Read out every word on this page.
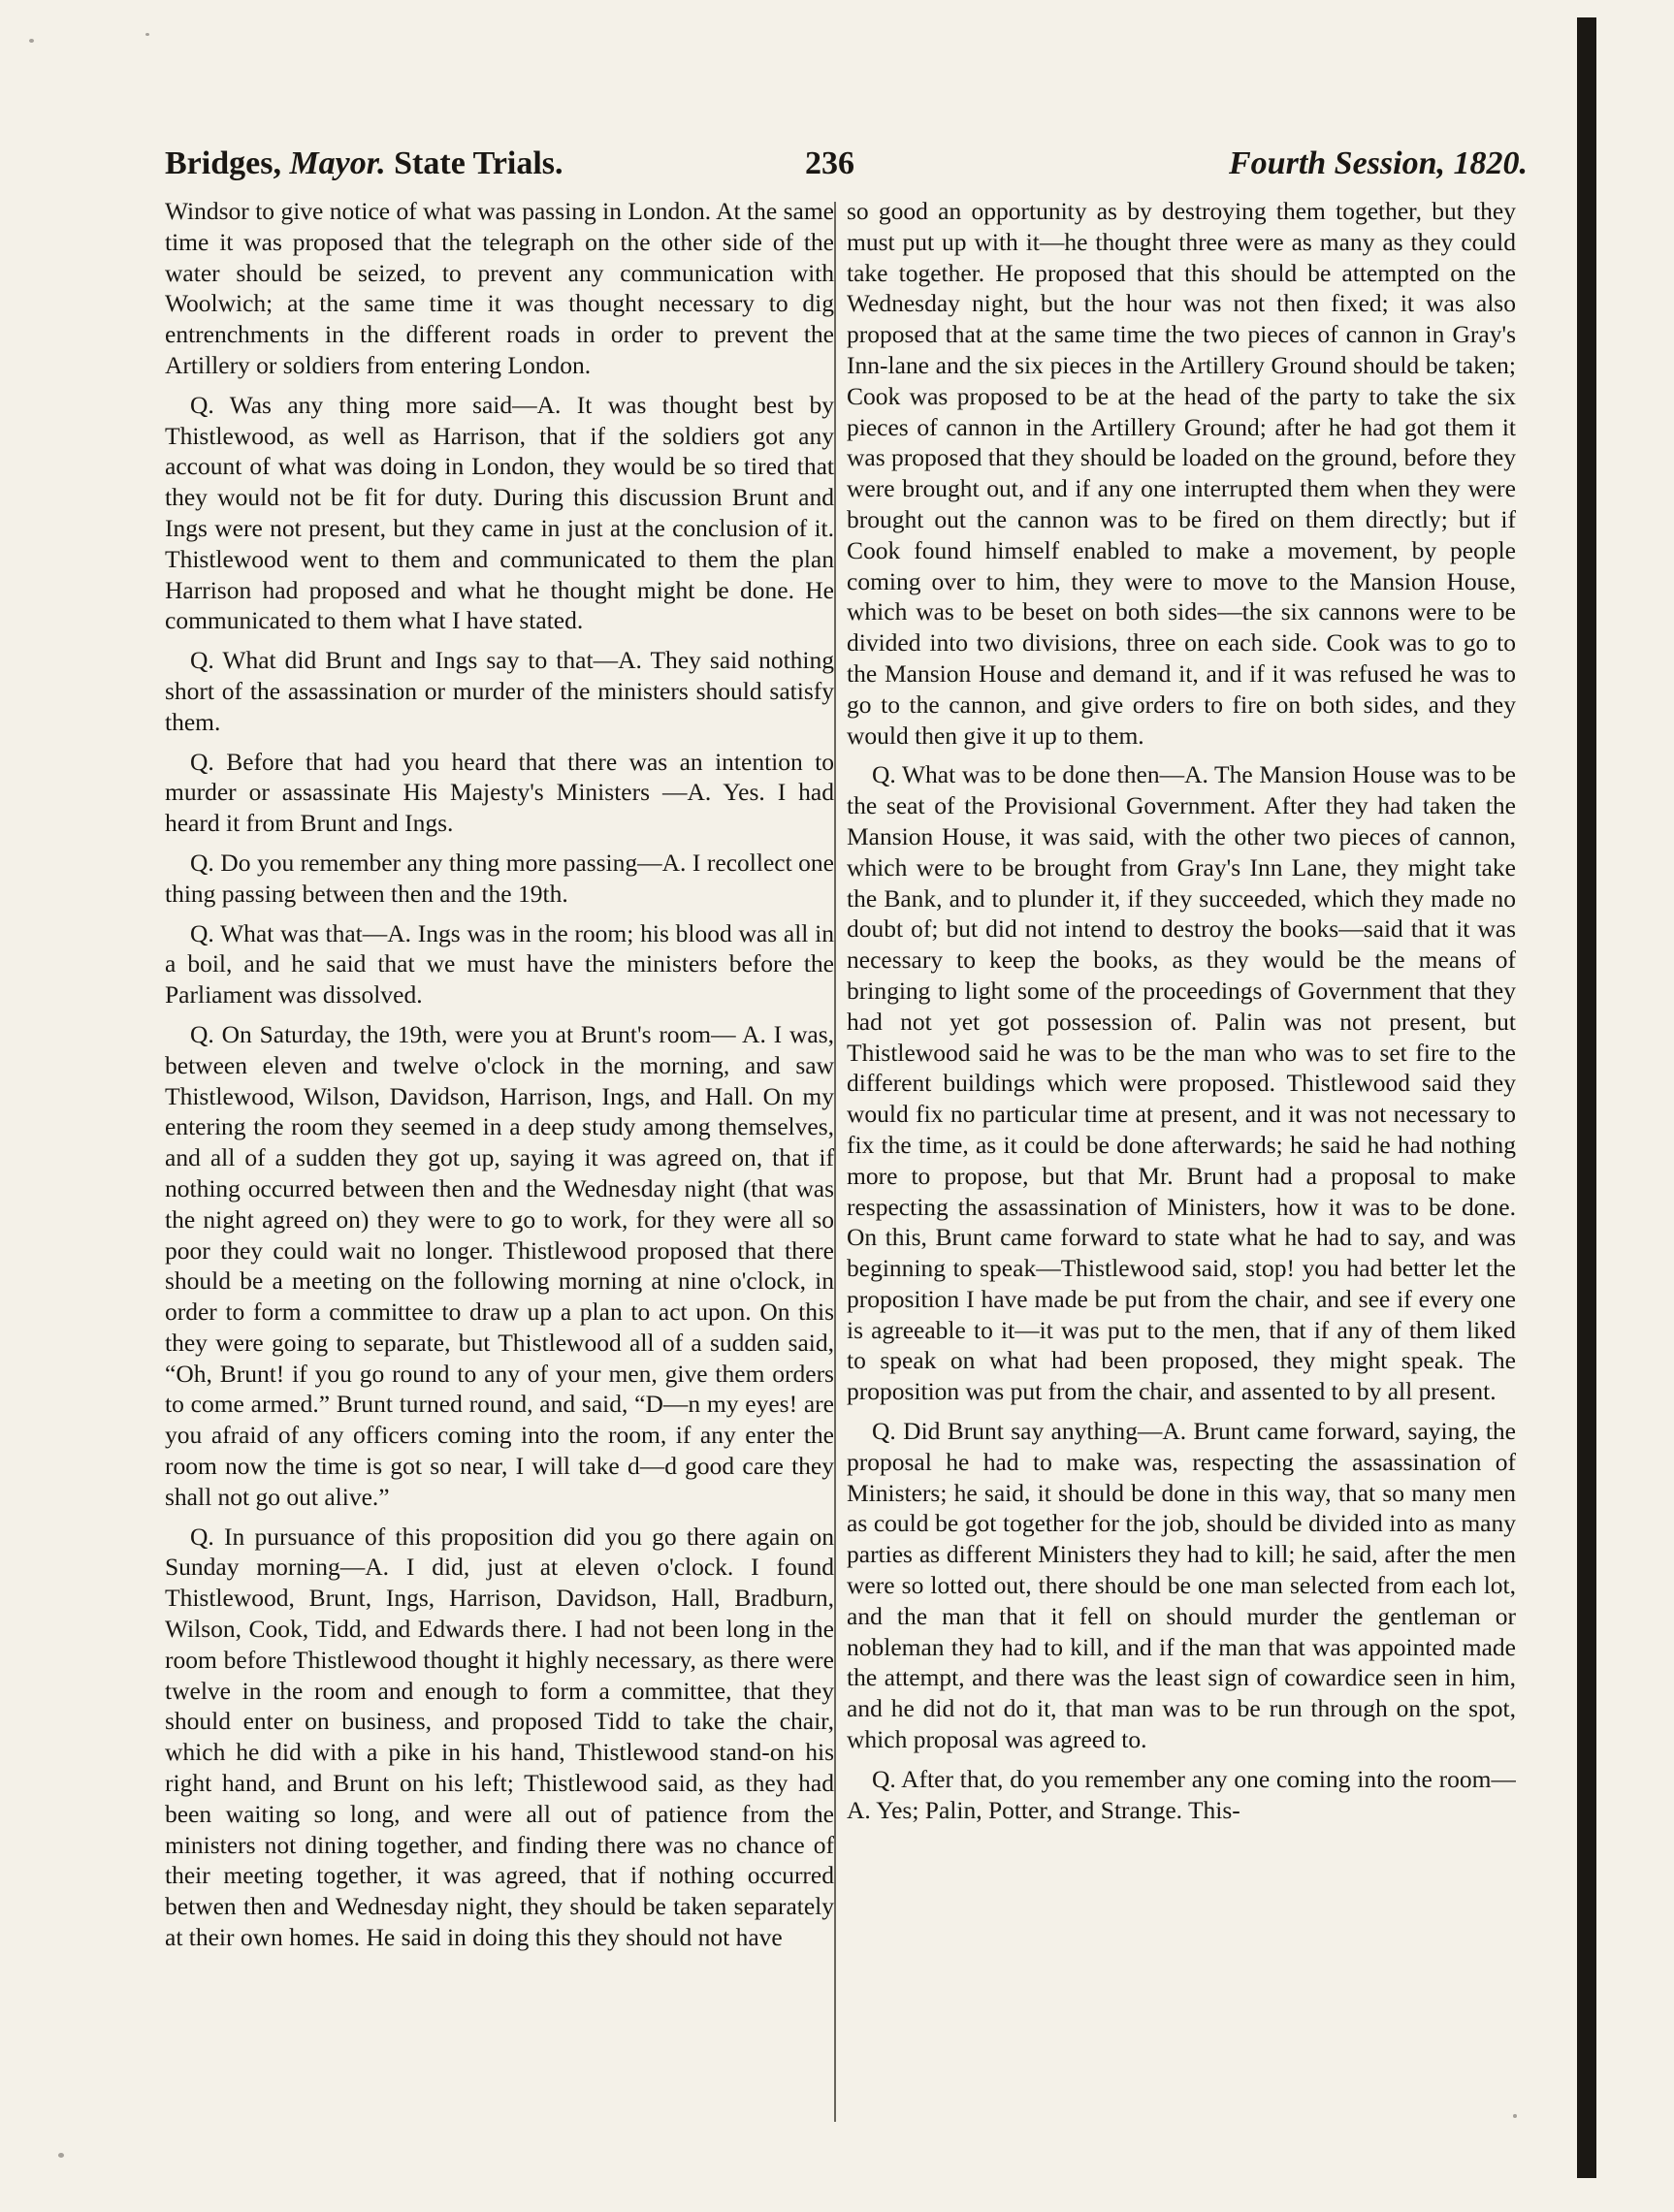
Bridges, Mayor. State Trials.	236	Fourth Session, 1820.

Windsor to give notice of what was passing in London. At the same time it was proposed that the telegraph on the other side of the water should be seized, to prevent any communication with Woolwich; at the same time it was thought necessary to dig entrenchments in the different roads in order to prevent the Artillery or soldiers from entering London.

Q. Was any thing more said—A. It was thought best by Thistlewood, as well as Harrison, that if the soldiers got any account of what was doing in London, they would be so tired that they would not be fit for duty. During this discussion Brunt and Ings were not present, but they came in just at the conclusion of it. Thistlewood went to them and communicated to them the plan Harrison had proposed and what he thought might be done. He communicated to them what I have stated.

Q. What did Brunt and Ings say to that—A. They said nothing short of the assassination or murder of the ministers should satisfy them.

Q. Before that had you heard that there was an intention to murder or assassinate His Majesty's Ministers —A. Yes. I had heard it from Brunt and Ings.

Q. Do you remember any thing more passing—A. I recollect one thing passing between then and the 19th.

Q. What was that—A. Ings was in the room; his blood was all in a boil, and he said that we must have the ministers before the Parliament was dissolved.

Q. On Saturday, the 19th, were you at Brunt's room— A. I was, between eleven and twelve o'clock in the morning, and saw Thistlewood, Wilson, Davidson, Harrison, Ings, and Hall. On my entering the room they seemed in a deep study among themselves, and all of a sudden they got up, saying it was agreed on, that if nothing occurred between then and the Wednesday night (that was the night agreed on) they were to go to work, for they were all so poor they could wait no longer. Thistlewood proposed that there should be a meeting on the following morning at nine o'clock, in order to form a committee to draw up a plan to act upon. On this they were going to separate, but Thistlewood all of a sudden said, “Oh, Brunt! if you go round to any of your men, give them orders to come armed.” Brunt turned round, and said, “D—n my eyes! are you afraid of any officers coming into the room, if any enter the room now the time is got so near, I will take d—d good care they shall not go out alive.”

Q. In pursuance of this proposition did you go there again on Sunday morning—A. I did, just at eleven o'clock. I found Thistlewood, Brunt, Ings, Harrison, Davidson, Hall, Bradburn, Wilson, Cook, Tidd, and Edwards there. I had not been long in the room before Thistlewood thought it highly necessary, as there were twelve in the room and enough to form a committee, that they should enter on business, and proposed Tidd to take the chair, which he did with a pike in his hand, Thistlewood stand-on his right hand, and Brunt on his left; Thistlewood said, as they had been waiting so long, and were all out of patience from the ministers not dining together, and finding there was no chance of their meeting together, it was agreed, that if nothing occurred betwen then and Wednesday night, they should be taken separately at their own homes. He said in doing this they should not have

so good an opportunity as by destroying them together, but they must put up with it—he thought three were as many as they could take together. He proposed that this should be attempted on the Wednesday night, but the hour was not then fixed; it was also proposed that at the same time the two pieces of cannon in Gray's Inn-lane and the six pieces in the Artillery Ground should be taken; Cook was proposed to be at the head of the party to take the six pieces of cannon in the Artillery Ground; after he had got them it was proposed that they should be loaded on the ground, before they were brought out, and if any one interrupted them when they were brought out the cannon was to be fired on them directly; but if Cook found himself enabled to make a movement, by people coming over to him, they were to move to the Mansion House, which was to be beset on both sides—the six cannons were to be divided into two divisions, three on each side. Cook was to go to the Mansion House and demand it, and if it was refused he was to go to the cannon, and give orders to fire on both sides, and they would then give it up to them.

Q. What was to be done then—A. The Mansion House was to be the seat of the Provisional Government. After they had taken the Mansion House, it was said, with the other two pieces of cannon, which were to be brought from Gray's Inn Lane, they might take the Bank, and to plunder it, if they succeeded, which they made no doubt of; but did not intend to destroy the books—said that it was necessary to keep the books, as they would be the means of bringing to light some of the proceedings of Government that they had not yet got possession of. Palin was not present, but Thistlewood said he was to be the man who was to set fire to the different buildings which were proposed. Thistlewood said they would fix no particular time at present, and it was not necessary to fix the time, as it could be done afterwards; he said he had nothing more to propose, but that Mr. Brunt had a proposal to make respecting the assassination of Ministers, how it was to be done. On this, Brunt came forward to state what he had to say, and was beginning to speak—Thistlewood said, stop! you had better let the proposition I have made be put from the chair, and see if every one is agreeable to it—it was put to the men, that if any of them liked to speak on what had been proposed, they might speak. The proposition was put from the chair, and assented to by all present.

Q. Did Brunt say anything—A. Brunt came forward, saying, the proposal he had to make was, respecting the assassination of Ministers; he said, it should be done in this way, that so many men as could be got together for the job, should be divided into as many parties as different Ministers they had to kill; he said, after the men were so lotted out, there should be one man selected from each lot, and the man that it fell on should murder the gentleman or nobleman they had to kill, and if the man that was appointed made the attempt, and there was the least sign of cowardice seen in him, and he did not do it, that man was to be run through on the spot, which proposal was agreed to.

Q. After that, do you remember any one coming into the room—A. Yes; Palin, Potter, and Strange. This-
